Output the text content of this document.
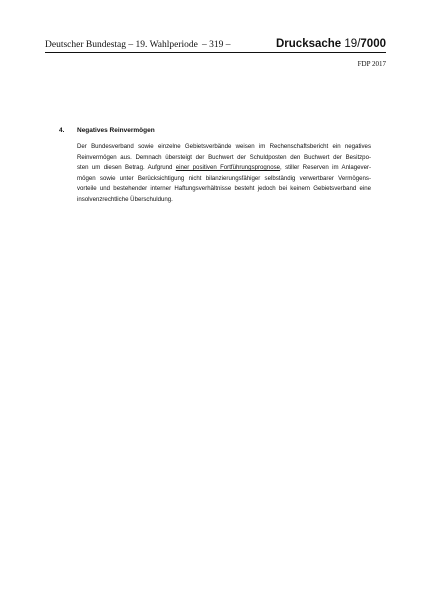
Deutscher Bundestag – 19. Wahlperiode – 319 –	Drucksache 19/7000
FDP 2017
4. Negatives Reinvermögen

Der Bundesverband sowie einzelne Gebietsverbände weisen im Rechenschaftsbericht ein negatives
Reinvermögen aus. Demnach übersteigt der Buchwert der Schuldposten den Buchwert der Besitzpo-
sten um diesen Betrag. Aufgrund einer positiven Fortführungsprognose, stiller Reserven im Anlagever-
mögen sowie unter Berücksichtigung nicht bilanzierungsfähiger selbständig verwertbarer Vermögens-
vorteile und bestehender interner Haftungsverhältnisse besteht jedoch bei keinem Gebietsverband eine
insolvenzrechtliche Überschuldung.
